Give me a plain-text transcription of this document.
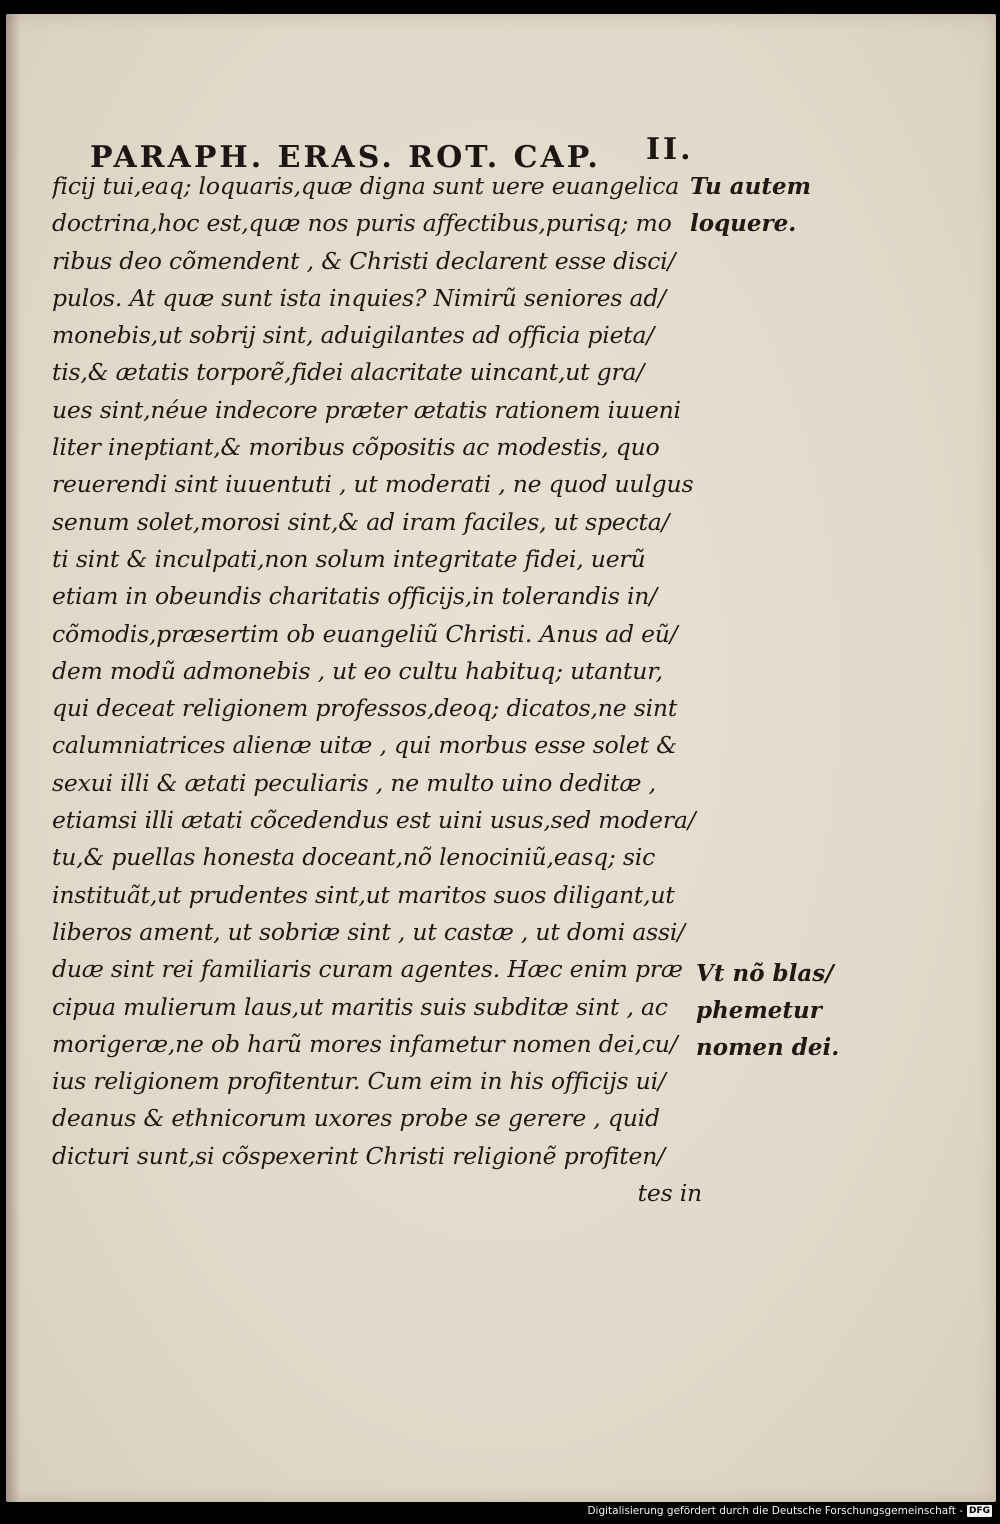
PARAPH. ERAS. ROT. CAP. II.
ficij tui,eaq; loquaris,quæ digna sunt uere euangelica
doctrina,hoc est,quæ nos puris affectibus,purisq; mo
ribus deo cõmendent , & Christi declarent esse disci/
pulos. At quæ sunt ista inquies? Nimirũ seniores ad/
monebis,ut sobrij sint, aduigilantes ad officia pieta/
tis,& ætatis torporẽ,fidei alacritate uincant,ut gra/
ues sint,néue indecore præter ætatis rationem iuueni
liter ineptiant,& moribus cõpositis ac modestis, quo
reuerendi sint iuuentuti , ut moderati , ne quod uulgus
senum solet,morosi sint,& ad iram faciles, ut specta/
ti sint & inculpati,non solum integritate fidei, uerũ
etiam in obeundis charitatis officijs,in tolerandis in/
cõmodis,præsertim ob euangeliũ Christi. Anus ad eũ/
dem modũ admonebis , ut eo cultu habituq; utantur,
qui deceat religionem professos,deoq; dicatos,ne sint
calumniatrices alienæ uitæ , qui morbus esse solet &
sexui illi & ætati peculiaris , ne multo uino deditæ ,
etiamsi illi ætati cõcedendus est uini usus,sed modera/
tu,& puellas honesta doceant,nõ lenociniũ,easq; sic
instituãt,ut prudentes sint,ut maritos suos diligant,ut
liberos ament, ut sobriæ sint , ut castæ , ut domi assi/
duæ sint rei familiaris curam agentes. Hæc enim præ
cipua mulierum laus,ut maritis suis subditæ sint , ac
morigeræ,ne ob harũ mores infametur nomen dei,cu/
ius religionem profitentur. Cum eim in his officijs ui/
deanus & ethnicorum uxores probe se gerere , quid
dicturi sunt,si cõspexerint Christi religionẽ profiten/
tes in
Tu autem
loquere.
Vt nõ blas/
phemetur
nomen dei.
Digitalisierung gefördert durch die Deutsche Forschungsgemeinschaft - DFG
